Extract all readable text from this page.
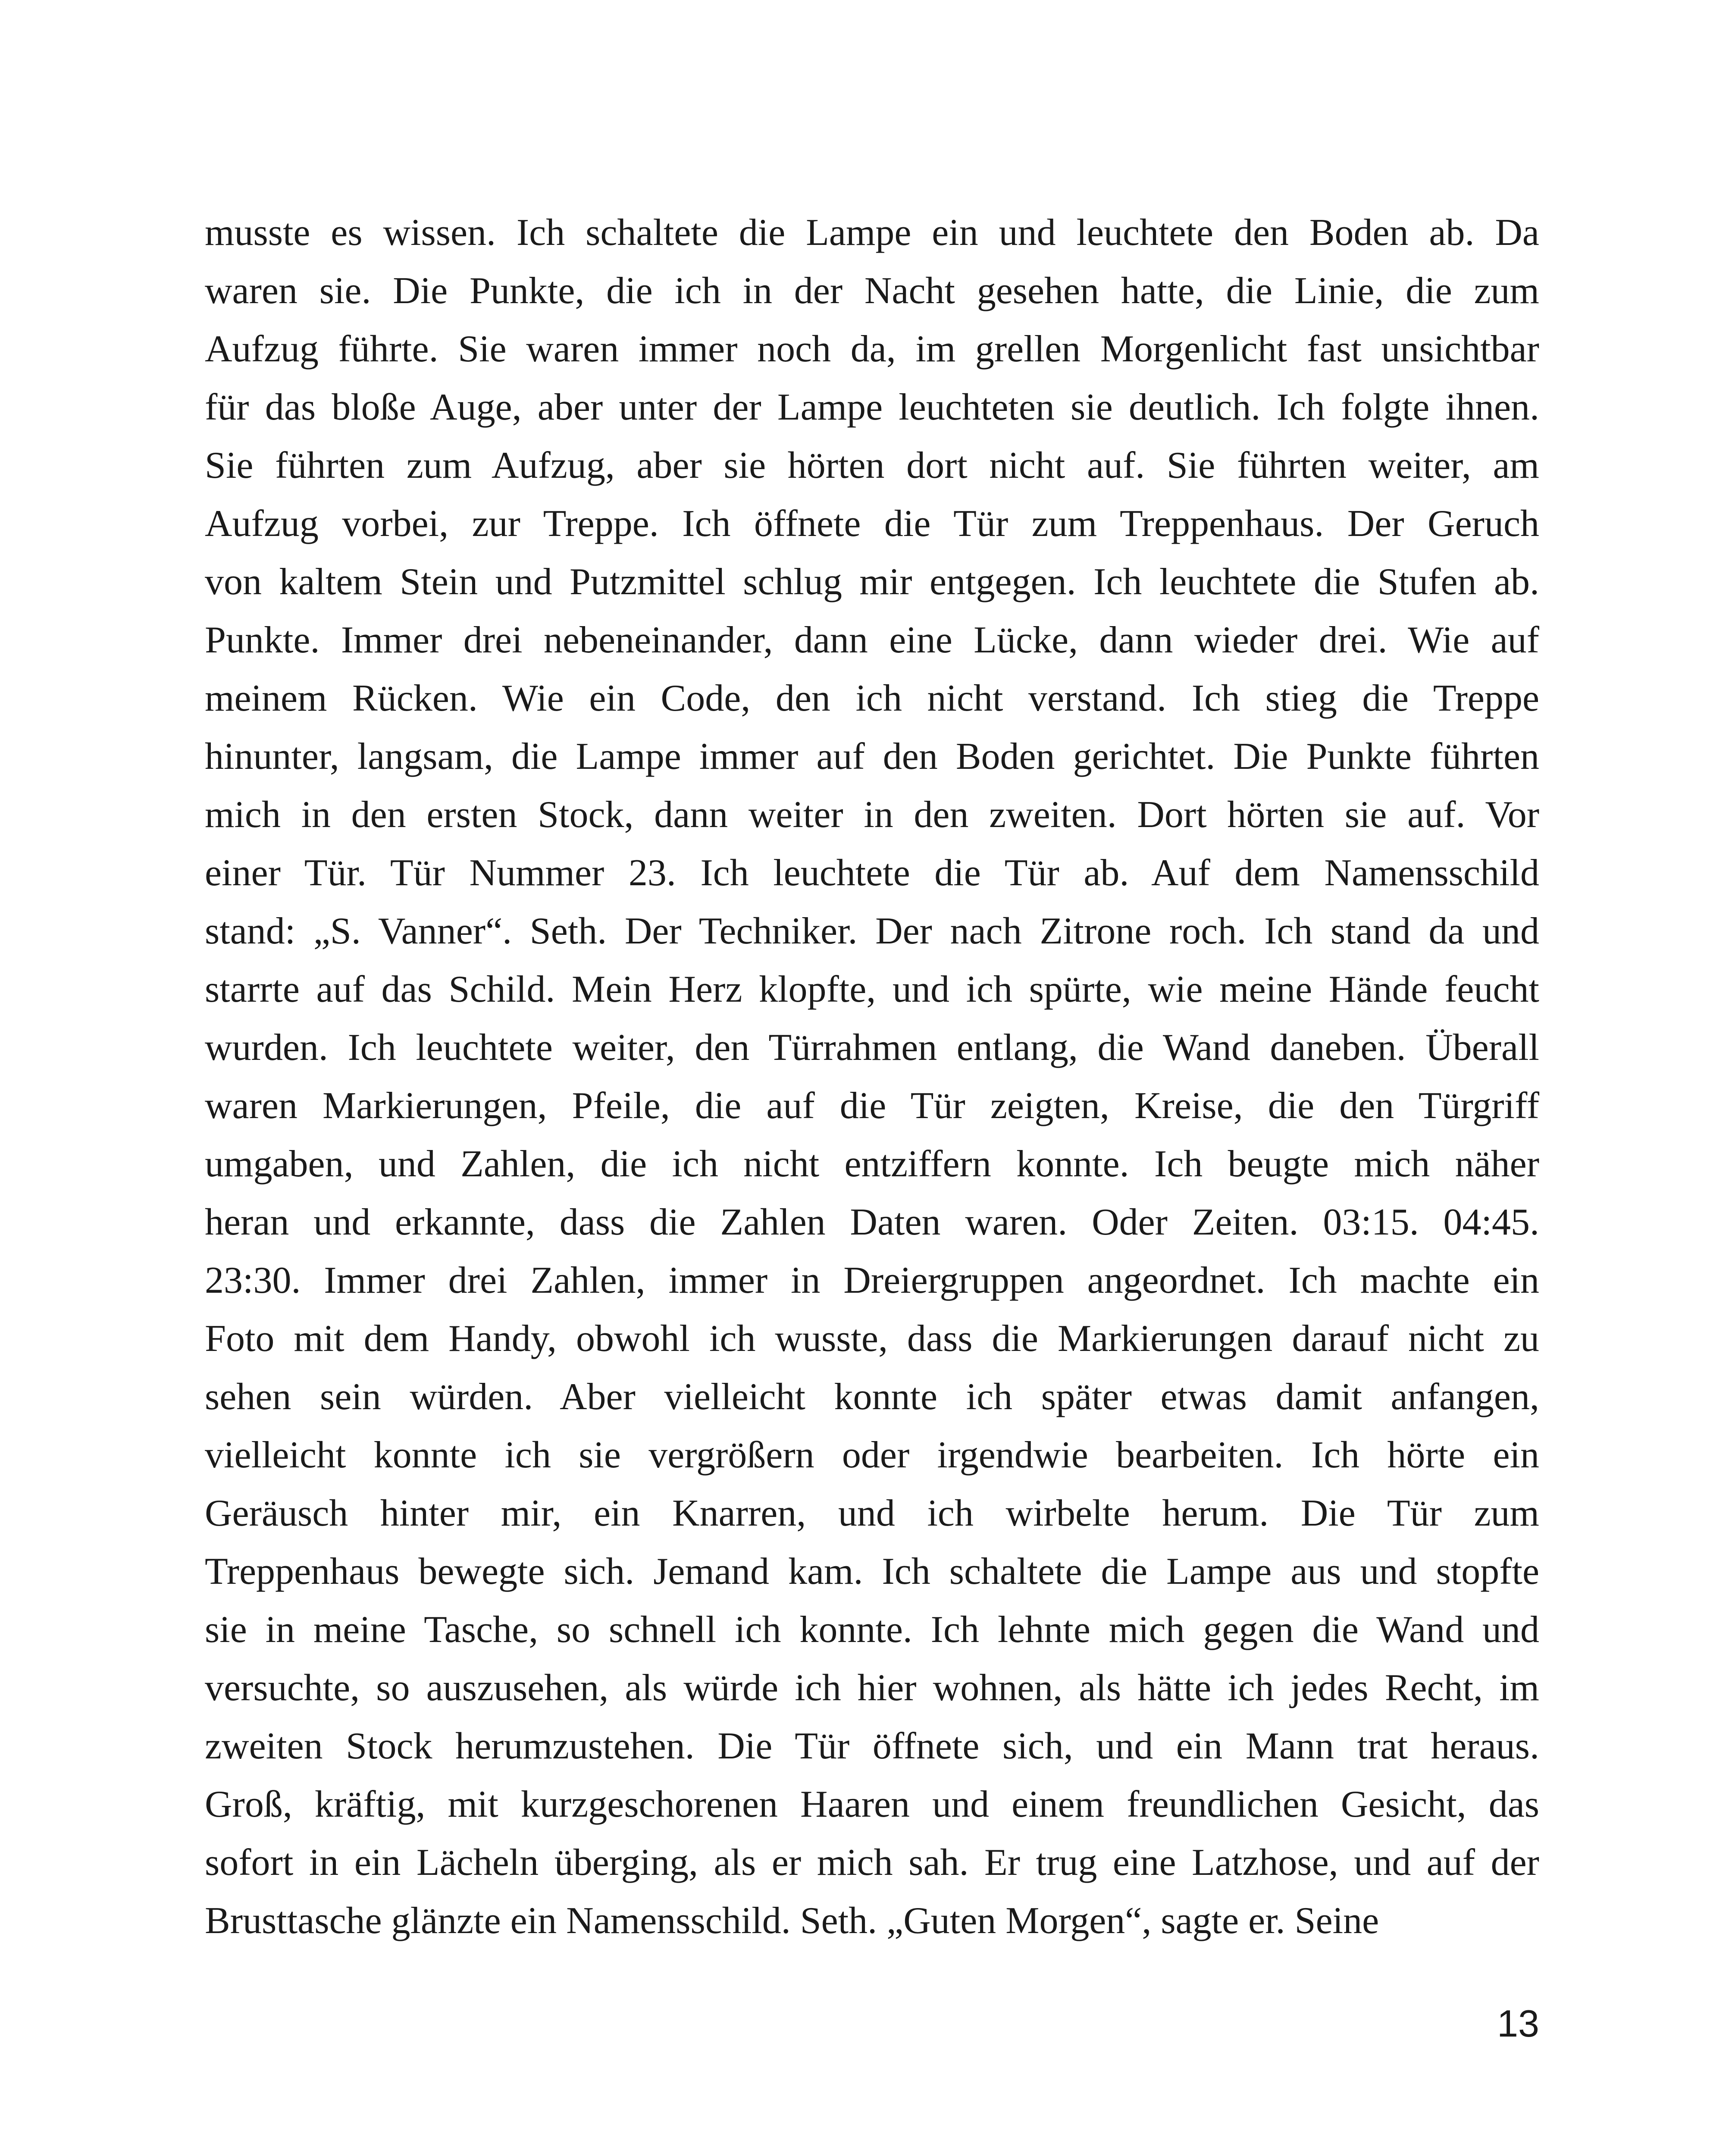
musste es wissen. Ich schaltete die Lampe ein und leuchtete den Boden ab. Da
waren sie. Die Punkte, die ich in der Nacht gesehen hatte, die Linie, die zum
Aufzug führte. Sie waren immer noch da, im grellen Morgenlicht fast unsichtbar
für das bloße Auge, aber unter der Lampe leuchteten sie deutlich. Ich folgte ihnen.
Sie führten zum Aufzug, aber sie hörten dort nicht auf. Sie führten weiter, am
Aufzug vorbei, zur Treppe. Ich öffnete die Tür zum Treppenhaus. Der Geruch
von kaltem Stein und Putzmittel schlug mir entgegen. Ich leuchtete die Stufen ab.
Punkte. Immer drei nebeneinander, dann eine Lücke, dann wieder drei. Wie auf
meinem Rücken. Wie ein Code, den ich nicht verstand. Ich stieg die Treppe
hinunter, langsam, die Lampe immer auf den Boden gerichtet. Die Punkte führten
mich in den ersten Stock, dann weiter in den zweiten. Dort hörten sie auf. Vor
einer Tür. Tür Nummer 23. Ich leuchtete die Tür ab. Auf dem Namensschild
stand: „S. Vanner“. Seth. Der Techniker. Der nach Zitrone roch. Ich stand da und
starrte auf das Schild. Mein Herz klopfte, und ich spürte, wie meine Hände feucht
wurden. Ich leuchtete weiter, den Türrahmen entlang, die Wand daneben. Überall
waren Markierungen, Pfeile, die auf die Tür zeigten, Kreise, die den Türgriff
umgaben, und Zahlen, die ich nicht entziffern konnte. Ich beugte mich näher
heran und erkannte, dass die Zahlen Daten waren. Oder Zeiten. 03:15. 04:45.
23:30. Immer drei Zahlen, immer in Dreiergruppen angeordnet. Ich machte ein
Foto mit dem Handy, obwohl ich wusste, dass die Markierungen darauf nicht zu
sehen sein würden. Aber vielleicht konnte ich später etwas damit anfangen,
vielleicht konnte ich sie vergrößern oder irgendwie bearbeiten. Ich hörte ein
Geräusch hinter mir, ein Knarren, und ich wirbelte herum. Die Tür zum
Treppenhaus bewegte sich. Jemand kam. Ich schaltete die Lampe aus und stopfte
sie in meine Tasche, so schnell ich konnte. Ich lehnte mich gegen die Wand und
versuchte, so auszusehen, als würde ich hier wohnen, als hätte ich jedes Recht, im
zweiten Stock herumzustehen. Die Tür öffnete sich, und ein Mann trat heraus.
Groß, kräftig, mit kurzgeschorenen Haaren und einem freundlichen Gesicht, das
sofort in ein Lächeln überging, als er mich sah. Er trug eine Latzhose, und auf der
Brusttasche glänzte ein Namensschild. Seth. „Guten Morgen“, sagte er. Seine
13
